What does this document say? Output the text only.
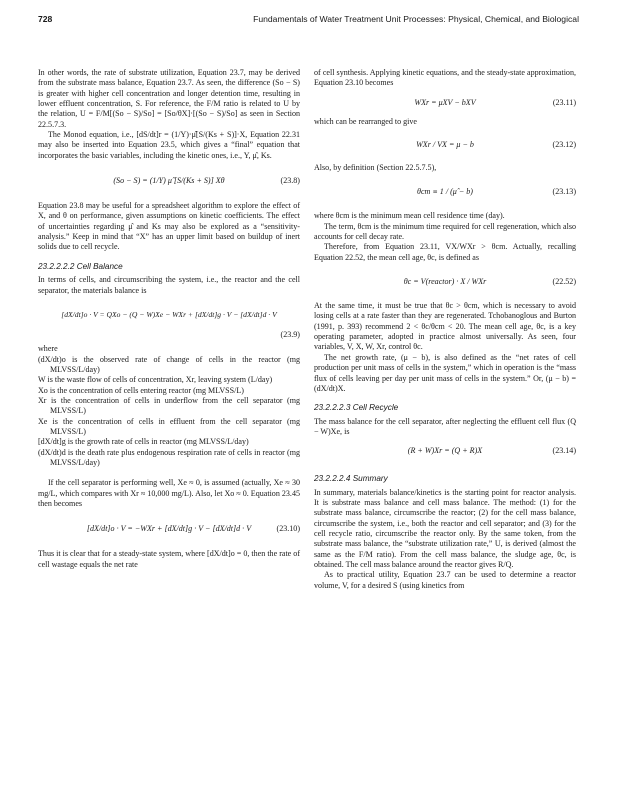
728	Fundamentals of Water Treatment Unit Processes: Physical, Chemical, and Biological

In other words, the rate of substrate utilization, Equation 23.7, may be derived from the substrate mass balance, Equation 23.7. As seen, the difference (So − S) is greater with higher cell concentration and longer detention time, resulting in lower effluent concentration, S. For reference, the F/M ratio is related to U by the relation, U = F/M[(So − S)/So] = [So/θX]·[(So − S)/So] as seen in Section 22.5.7.3.

The Monod equation, i.e., [dS/dt]r = (1/Y)·μ̂[S/(Ks + S)]·X, Equation 22.31 may also be inserted into Equation 23.5, which gives a “final” equation that incorporates the basic variables, including the kinetic ones, i.e., Y, μ̂, Ks.

(So − S) = (1/Y) μ̂ [S/(Ks + S)] Xθ	(23.8)

Equation 23.8 may be useful for a spreadsheet algorithm to explore the effect of X, and θ on performance, given assumptions on kinetic coefficients. The effect of uncertainties regarding μ̂ and Ks may also be explored as a “sensitivity-analysis.” Keep in mind that “X” has an upper limit based on buildup of inert solids due to cell recycle.

23.2.2.2.2 Cell Balance

In terms of cells, and circumscribing the system, i.e., the reactor and the cell separator, the materials balance is

[dX/dt]o · V = QXo − (Q − W)Xe − WXr + [dX/dt]g · V − [dX/dt]d · V
(23.9)

where

(dX/dt)o is the observed rate of change of cells in the reactor (mg MLVSS/L/day)

W is the waste flow of cells of concentration, Xr, leaving system (L/day)

Xo is the concentration of cells entering reactor (mg MLVSS/L)

Xr is the concentration of cells in underflow from the cell separator (mg MLVSS/L)

Xe is the concentration of cells in effluent from the cell separator (mg MLVSS/L)

[dX/dt]g is the growth rate of cells in reactor (mg MLVSS/L/day)

(dX/dt)d is the death rate plus endogenous respiration rate of cells in reactor (mg MLVSS/L/day)

If the cell separator is performing well, Xe ≈ 0, is assumed (actually, Xe ≈ 30 mg/L, which compares with Xr ≈ 10,000 mg/L). Also, let Xo ≈ 0. Equation 23.45 then becomes

[dX/dt]o · V = −WXr + [dX/dt]g · V − [dX/dt]d · V	(23.10)

Thus it is clear that for a steady-state system, where [dX/dt]o = 0, then the rate of cell wastage equals the net rate

of cell synthesis. Applying kinetic equations, and the steady-state approximation, Equation 23.10 becomes

WXr = μXV − bXV	(23.11)

which can be rearranged to give

WXr / VX = μ − b	(23.12)

Also, by definition (Section 22.5.7.5),

θcm ≡ 1 / (μ̂ − b)	(23.13)

where θcm is the minimum mean cell residence time (day).

The term, θcm is the minimum time required for cell regeneration, which also accounts for cell decay rate.

Therefore, from Equation 23.11, VX/WXr > θcm. Actually, recalling Equation 22.52, the mean cell age, θc, is defined as

θc = V(reactor) · X / WXr	(22.52)

At the same time, it must be true that θc > θcm, which is necessary to avoid losing cells at a rate faster than they are regenerated. Tchobanoglous and Burton (1991, p. 393) recommend 2 < θc/θcm < 20. The mean cell age, θc, is a key operating parameter, adopted in practice almost universally. As seen, four variables, V, X, W, Xr, control θc.

The net growth rate, (μ − b), is also defined as the “net rates of cell production per unit mass of cells in the system,” which in operation is the “mass flux of cells leaving per day per unit mass of cells in the system.” Or, (μ − b) = (dX/dt)X.

23.2.2.2.3 Cell Recycle

The mass balance for the cell separator, after neglecting the effluent cell flux (Q − W)Xe, is

(R + W)Xr = (Q + R)X	(23.14)
23.2.2.2.4 Summary

In summary, materials balance/kinetics is the starting point for reactor analysis. It is substrate mass balance and cell mass balance. The method: (1) for the substrate mass balance, circumscribe the reactor; (2) for the cell mass balance, circumscribe the system, i.e., both the reactor and cell separator; and (3) for the cell recycle ratio, circumscribe the reactor only. By the same token, from the substrate mass balance, the “substrate utilization rate,” U, is derived (almost the same as the F/M ratio). From the cell mass balance, the sludge age, θc, is obtained. The cell mass balance around the reactor gives R/Q.

As to practical utility, Equation 23.7 can be used to determine a reactor volume, V, for a desired S (using kinetics from
